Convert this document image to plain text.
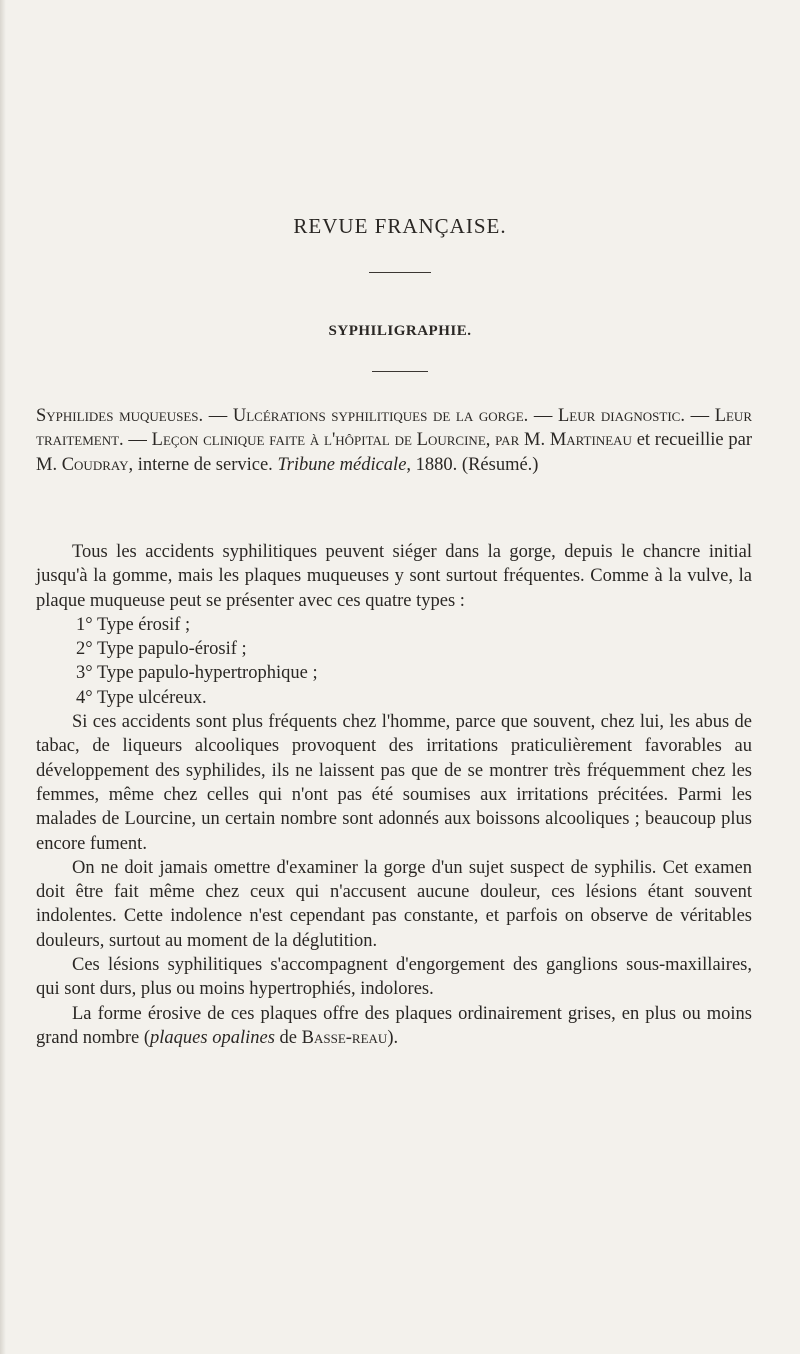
REVUE FRANÇAISE.
SYPHILIGRAPHIE.

Syphilides muqueuses. — Ulcérations syphilitiques de la gorge. — Leur diagnostic. — Leur traitement. — Leçon clinique faite à l'hôpital de Lourcine, par M. Martineau et recueillie par M. Coudray, interne de service. Tribune médicale, 1880. (Résumé.)

Tous les accidents syphilitiques peuvent siéger dans la gorge, depuis le chancre initial jusqu'à la gomme, mais les plaques muqueuses y sont surtout fréquentes. Comme à la vulve, la plaque muqueuse peut se présenter avec ces quatre types :

1° Type érosif ;

2° Type papulo-érosif ;

3° Type papulo-hypertrophique ;

4° Type ulcéreux.

Si ces accidents sont plus fréquents chez l'homme, parce que souvent, chez lui, les abus de tabac, de liqueurs alcooliques provoquent des irritations praticulièrement favorables au développement des syphilides, ils ne laissent pas que de se montrer très fréquemment chez les femmes, même chez celles qui n'ont pas été soumises aux irritations précitées. Parmi les malades de Lourcine, un certain nombre sont adonnés aux boissons alcooliques ; beaucoup plus encore fument.

On ne doit jamais omettre d'examiner la gorge d'un sujet suspect de syphilis. Cet examen doit être fait même chez ceux qui n'accusent aucune douleur, ces lésions étant souvent indolentes. Cette indolence n'est cependant pas constante, et parfois on observe de véritables douleurs, surtout au moment de la déglutition.

Ces lésions syphilitiques s'accompagnent d'engorgement des ganglions sous-maxillaires, qui sont durs, plus ou moins hypertrophiés, indolores.

La forme érosive de ces plaques offre des plaques ordinairement grises, en plus ou moins grand nombre (plaques opalines de Basse-reau).
